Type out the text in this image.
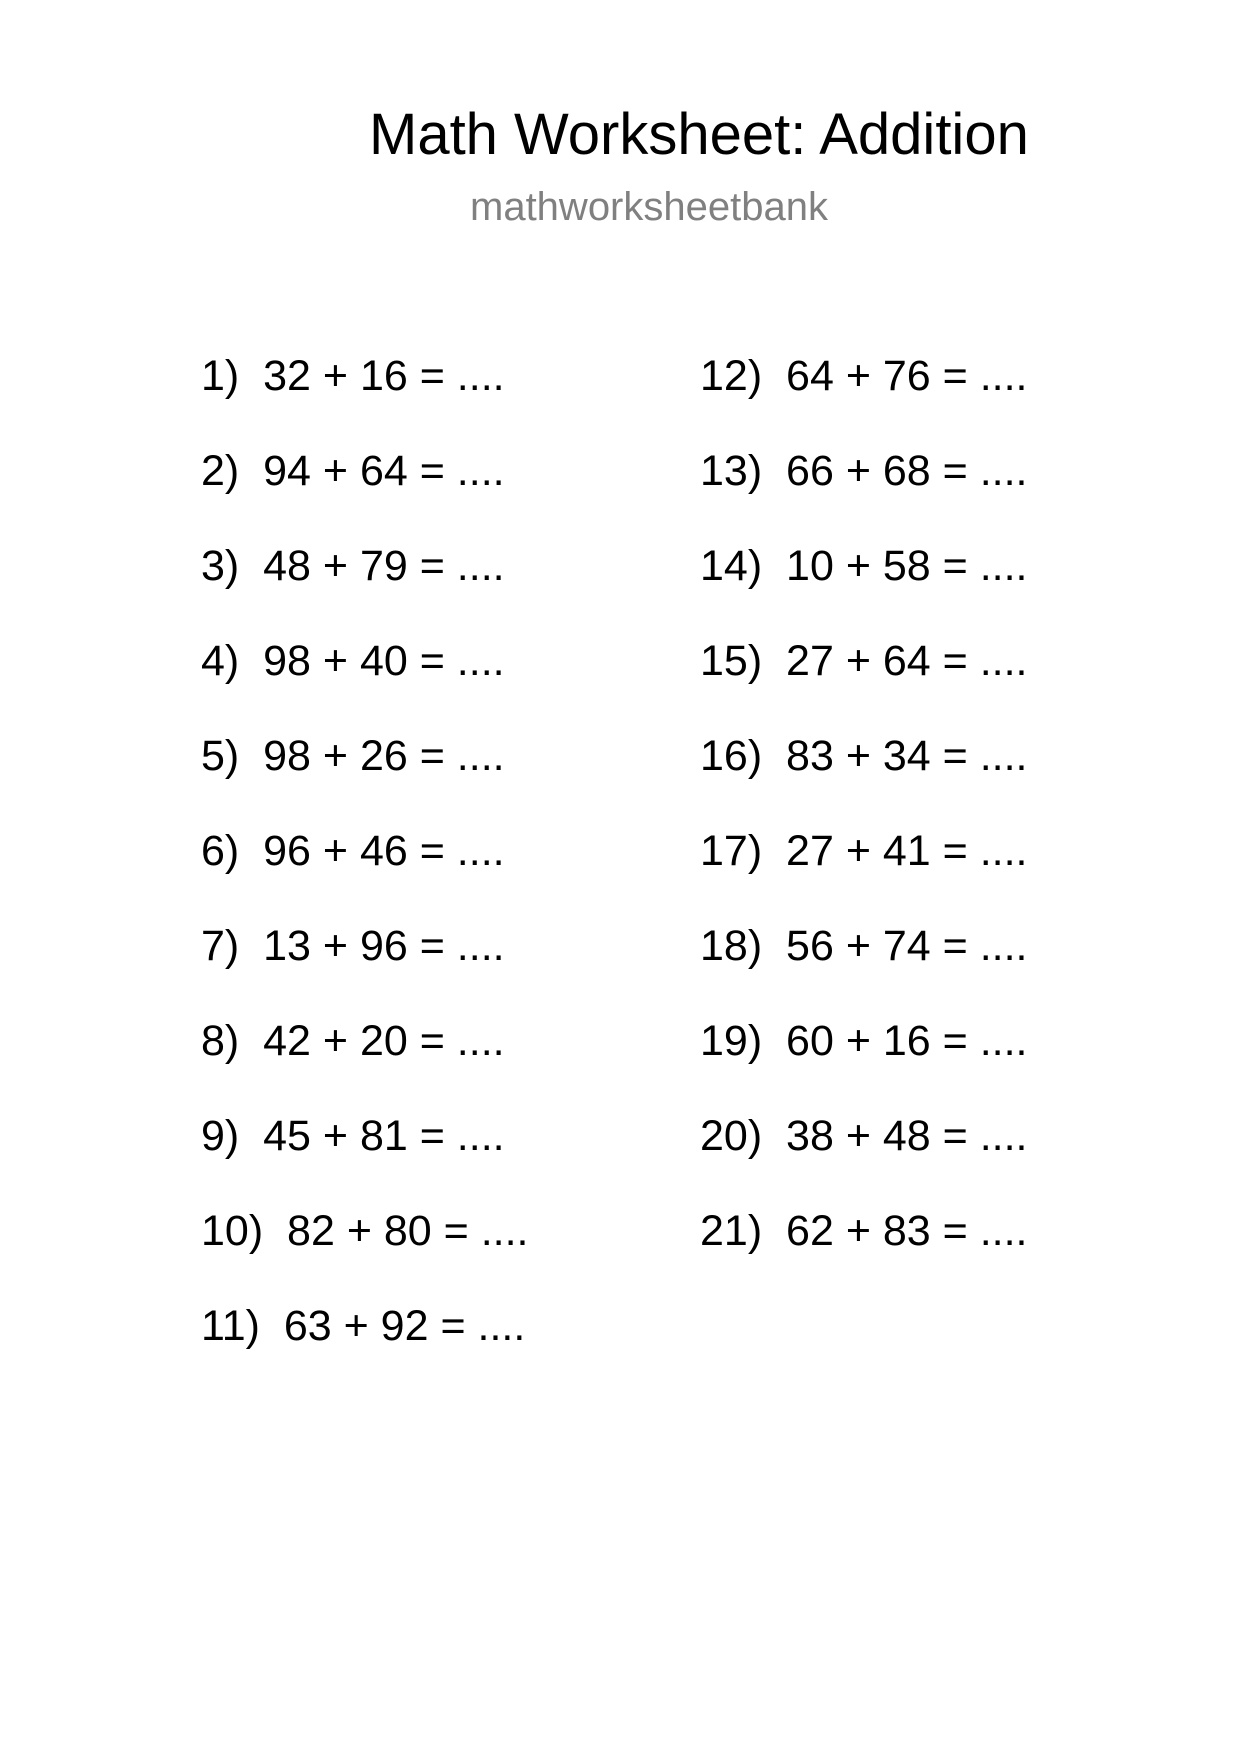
Math Worksheet: Addition
mathworksheetbank
1)  32 + 16 = ....
2)  94 + 64 = ....
3)  48 + 79 = ....
4)  98 + 40 = ....
5)  98 + 26 = ....
6)  96 + 46 = ....
7)  13 + 96 = ....
8)  42 + 20 = ....
9)  45 + 81 = ....
10)  82 + 80 = ....
11)  63 + 92 = ....
12)  64 + 76 = ....
13)  66 + 68 = ....
14)  10 + 58 = ....
15)  27 + 64 = ....
16)  83 + 34 = ....
17)  27 + 41 = ....
18)  56 + 74 = ....
19)  60 + 16 = ....
20)  38 + 48 = ....
21)  62 + 83 = ....
